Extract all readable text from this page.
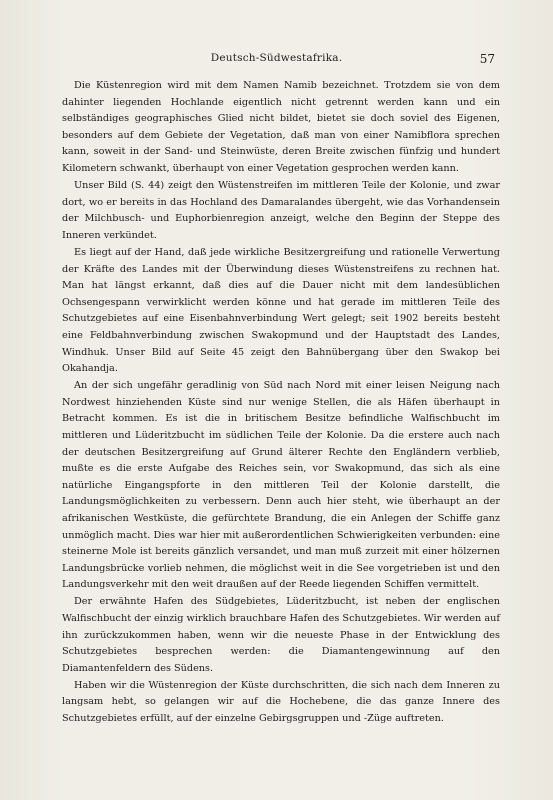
Deutsch-Südwestafrika.	57

Die Küstenregion wird mit dem Namen Namib bezeichnet. Trotzdem sie von dem dahinter liegenden Hochlande eigentlich nicht getrennt werden kann und ein selbständiges geographisches Glied nicht bildet, bietet sie doch soviel des Eigenen, besonders auf dem Gebiete der Vegetation, daß man von einer Namibflora sprechen kann, soweit in der Sand- und Steinwüste, deren Breite zwischen fünfzig und hundert Kilometern schwankt, überhaupt von einer Vegetation gesprochen werden kann.

Unser Bild (S. 44) zeigt den Wüstenstreifen im mittleren Teile der Kolonie, und zwar dort, wo er bereits in das Hochland des Damaralandes übergeht, wie das Vorhandensein der Milchbusch- und Euphorbienregion anzeigt, welche den Beginn der Steppe des Inneren verkündet.

Es liegt auf der Hand, daß jede wirkliche Besitzergreifung und rationelle Verwertung der Kräfte des Landes mit der Überwindung dieses Wüstenstreifens zu rechnen hat. Man hat längst erkannt, daß dies auf die Dauer nicht mit dem landesüblichen Ochsengespann verwirklicht werden könne und hat gerade im mittleren Teile des Schutzgebietes auf eine Eisenbahnverbindung Wert gelegt; seit 1902 bereits besteht eine Feldbahnverbindung zwischen Swakopmund und der Hauptstadt des Landes, Windhuk. Unser Bild auf Seite 45 zeigt den Bahnübergang über den Swakop bei Okahandja.

An der sich ungefähr geradlinig von Süd nach Nord mit einer leisen Neigung nach Nordwest hinziehenden Küste sind nur wenige Stellen, die als Häfen überhaupt in Betracht kommen. Es ist die in britischem Besitze befindliche Walfischbucht im mittleren und Lüderitzbucht im südlichen Teile der Kolonie. Da die erstere auch nach der deutschen Besitzergreifung auf Grund älterer Rechte den Engländern verblieb, mußte es die erste Aufgabe des Reiches sein, vor Swakopmund, das sich als eine natürliche Eingangspforte in den mittleren Teil der Kolonie darstellt, die Landungsmöglichkeiten zu verbessern. Denn auch hier steht, wie überhaupt an der afrikanischen Westküste, die gefürchtete Brandung, die ein Anlegen der Schiffe ganz unmöglich macht. Dies war hier mit außerordentlichen Schwierigkeiten verbunden: eine steinerne Mole ist bereits gänzlich versandet, und man muß zurzeit mit einer hölzernen Landungsbrücke vorlieb nehmen, die möglichst weit in die See vorgetrieben ist und den Landungsverkehr mit den weit draußen auf der Reede liegenden Schiffen vermittelt.

Der erwähnte Hafen des Südgebietes, Lüderitzbucht, ist neben der englischen Walfischbucht der einzig wirklich brauchbare Hafen des Schutzgebietes. Wir werden auf ihn zurückzukommen haben, wenn wir die neueste Phase in der Entwicklung des Schutzgebietes besprechen werden: die Diamantengewinnung auf den Diamantenfeldern des Südens.

Haben wir die Wüstenregion der Küste durchschritten, die sich nach dem Inneren zu langsam hebt, so gelangen wir auf die Hochebene, die das ganze Innere des Schutzgebietes erfüllt, auf der einzelne Gebirgsgruppen und -Züge auftreten.
